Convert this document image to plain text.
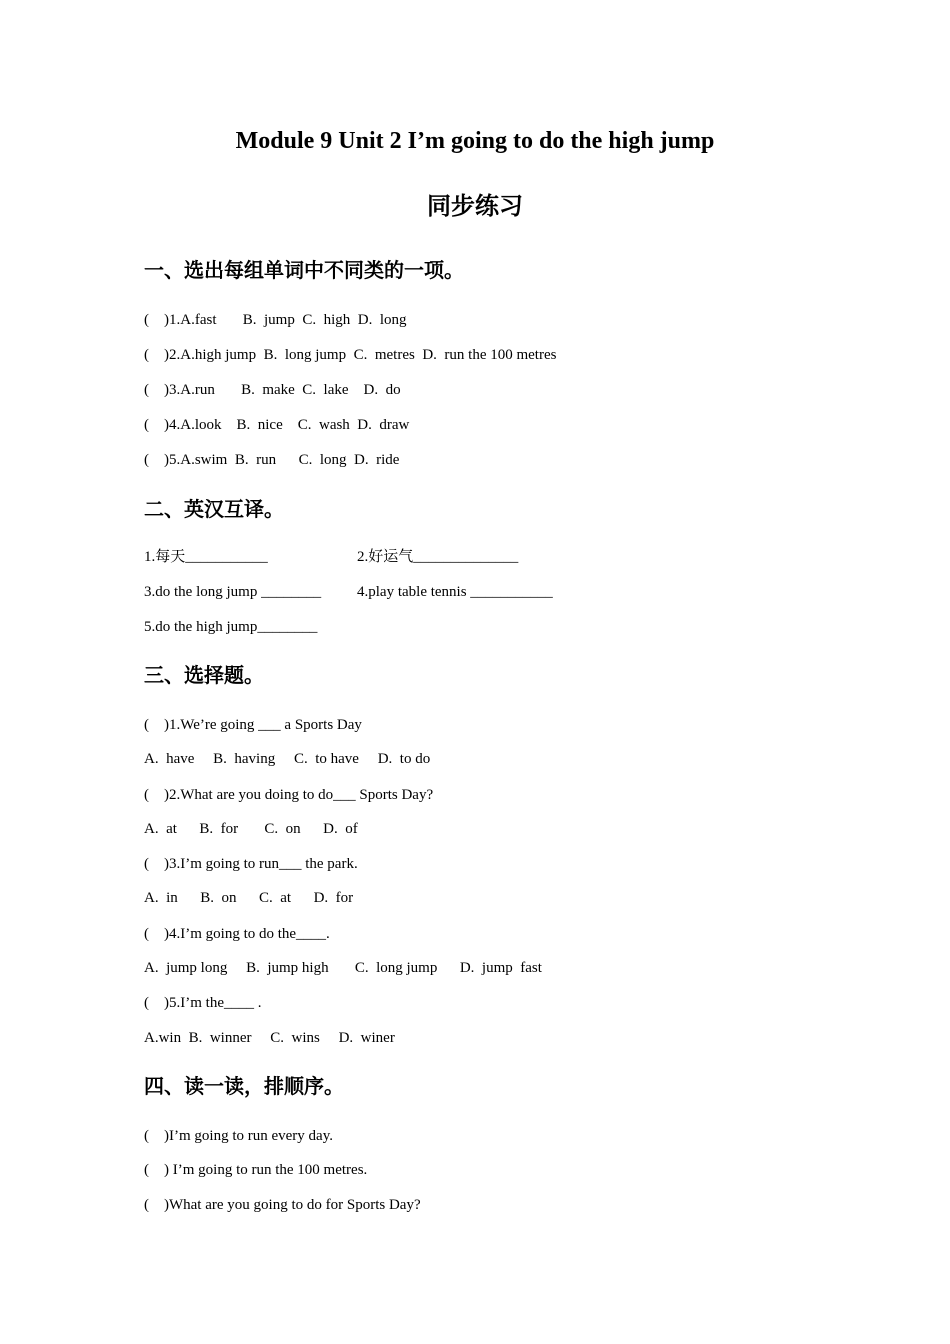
Module 9 Unit 2 I’m going to do the high jump
同步练习
一、选出每组单词中不同类的一项。
(    )1.A.fast       B.  jump  C.  high  D.  long
(    )2.A.high jump  B.  long jump  C.  metres  D.  run the 100 metres
(    )3.A.run       B.  make  C.  lake    D.  do
(    )4.A.look    B.  nice    C.  wash  D.  draw
(    )5.A.swim  B.  run      C.  long  D.  ride
二、英汉互译。
1.每天___________	2.好运气______________
3.do the long jump ________ 4.play table tennis ___________
5.do the high jump________
三、选择题。
(    )1.We’re going ___ a Sports Day
A.  have     B.  having     C.  to have     D.  to do
(    )2.What are you doing to do___ Sports Day?
A.  at      B.  for       C.  on      D.  of
(    )3.I’m going to run___ the park.
A.  in      B.  on      C.  at      D.  for
(    )4.I’m going to do the____.
A.  jump long     B.  jump high       C.  long jump      D.  jump  fast
(    )5.I’m the____ .
A.win  B.  winner     C.  wins     D.  winer
四、读一读，排顺序。
(    )I’m going to run every day.
(    ) I’m going to run the 100 metres.
(    )What are you going to do for Sports Day?
